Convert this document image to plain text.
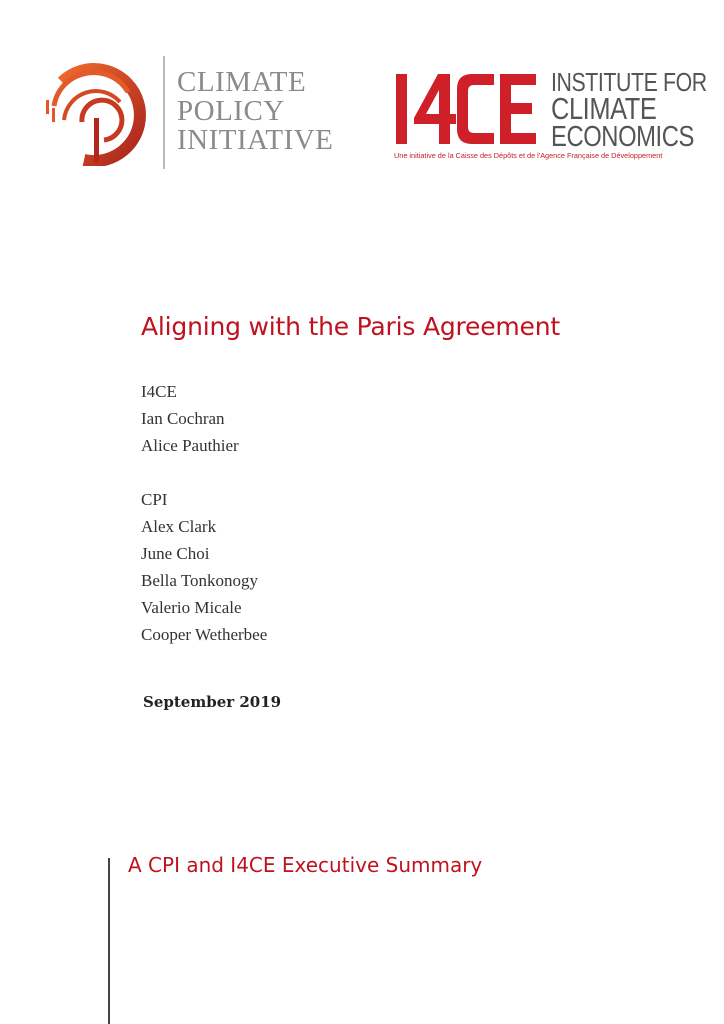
CLIMATE
POLICY
INITIATIVE
INSTITUTE FOR
CLIMATE
ECONOMICS
Une initiative de la Caisse des Dépôts et de l'Agence Française de Développement
Aligning with the Paris Agreement
I4CE
Ian Cochran
Alice Pauthier
CPI
Alex Clark
June Choi
Bella Tonkonogy
Valerio Micale
Cooper Wetherbee
September 2019
A CPI and I4CE Executive Summary
